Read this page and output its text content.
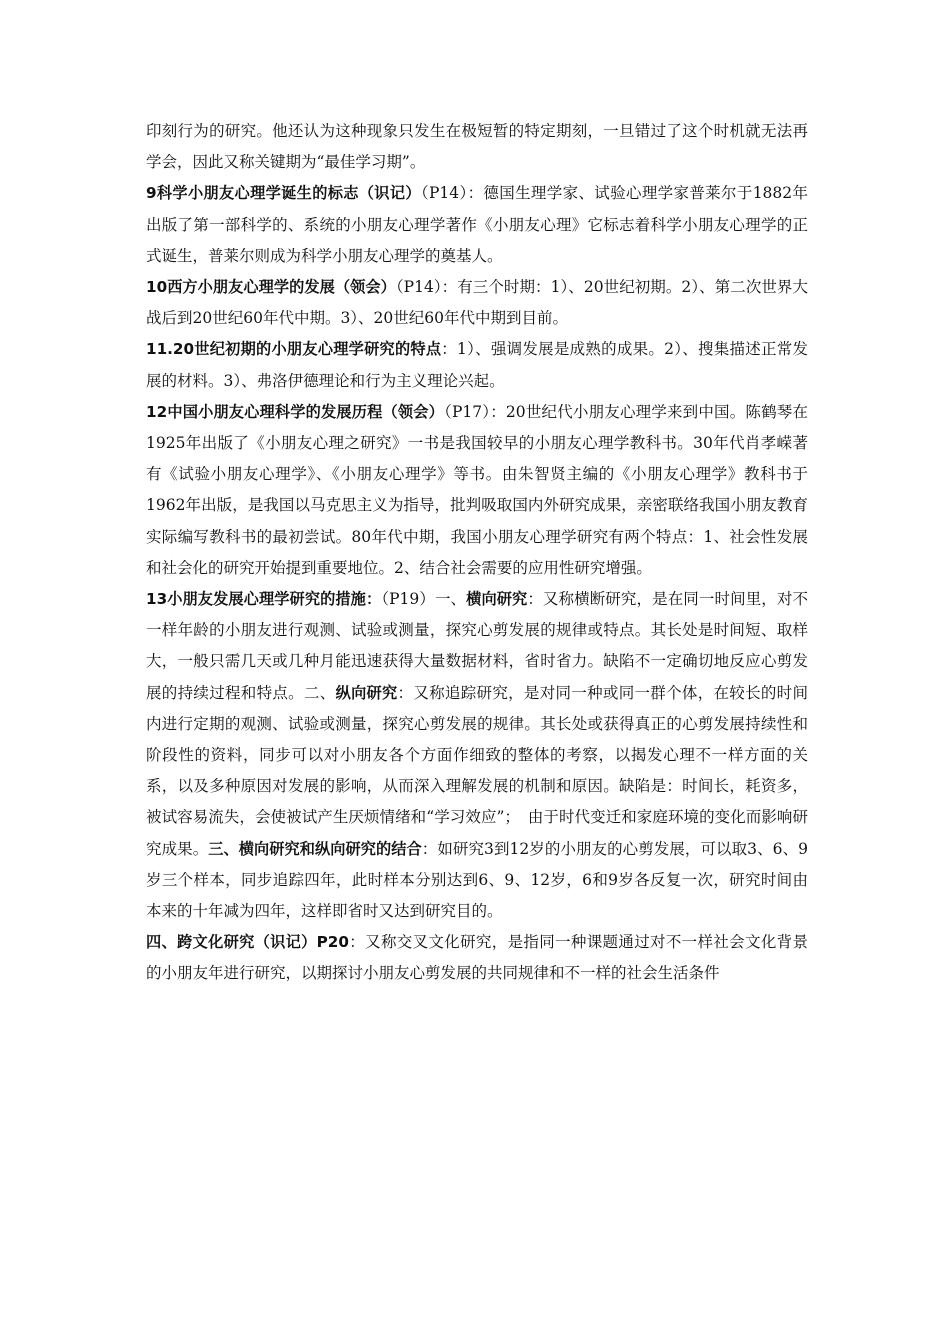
印刻行为的研究。他还认为这种现象只发生在极短暂的特定期刻，一旦错过了这个时机就无法再学会，因此又称关键期为“最佳学习期”。

9科学小朋友心理学诞生的标志（识记）（P14）：德国生理学家、试验心理学家普莱尔于1882年出版了第一部科学的、系统的小朋友心理学著作《小朋友心理》它标志着科学小朋友心理学的正式诞生，普莱尔则成为科学小朋友心理学的奠基人。

10西方小朋友心理学的发展（领会）（P14）：有三个时期：1）、20世纪初期。2）、第二次世界大战后到20世纪60年代中期。3）、20世纪60年代中期到目前。

11.20世纪初期的小朋友心理学研究的特点：1）、强调发展是成熟的成果。2）、搜集描述正常发展的材料。3）、弗洛伊德理论和行为主义理论兴起。

12中国小朋友心理科学的发展历程（领会）（P17）：20世纪代小朋友心理学来到中国。陈鹤琴在1925年出版了《小朋友心理之研究》一书是我国较早的小朋友心理学教科书。30年代肖孝嵘著有《试验小朋友心理学》、《小朋友心理学》等书。由朱智贤主编的《小朋友心理学》教科书于1962年出版，是我国以马克思主义为指导，批判吸取国内外研究成果，亲密联络我国小朋友教育实际编写教科书的最初尝试。80年代中期，我国小朋友心理学研究有两个特点：1、社会性发展和社会化的研究开始提到重要地位。2、结合社会需要的应用性研究增强。

13小朋友发展心理学研究的措施：（P19）一、横向研究：又称横断研究，是在同一时间里，对不一样年龄的小朋友进行观测、试验或测量，探究心剪发展的规律或特点。其长处是时间短、取样大，一般只需几天或几种月能迅速获得大量数据材料，省时省力。缺陷不一定确切地反应心剪发展的持续过程和特点。二、纵向研究：又称追踪研究，是对同一种或同一群个体，在较长的时间内进行定期的观测、试验或测量，探究心剪发展的规律。其长处或获得真正的心剪发展持续性和阶段性的资料，同步可以对小朋友各个方面作细致的整体的考察，以揭发心理不一样方面的关系，以及多种原因对发展的影响，从而深入理解发展的机制和原因。缺陷是：时间长，耗资多，被试容易流失，会使被试产生厌烦情绪和“学习效应”；　由于时代变迁和家庭环境的变化而影响研究成果。三、横向研究和纵向研究的结合：如研究3到12岁的小朋友的心剪发展，可以取3、6、9岁三个样本，同步追踪四年，此时样本分别达到6、9、12岁，6和9岁各反复一次，研究时间由本来的十年减为四年，这样即省时又达到研究目的。

四、跨文化研究（识记）P20：又称交叉文化研究，是指同一种课题通过对不一样社会文化背景的小朋友年进行研究，以期探讨小朋友心剪发展的共同规律和不一样的社会生活条件
